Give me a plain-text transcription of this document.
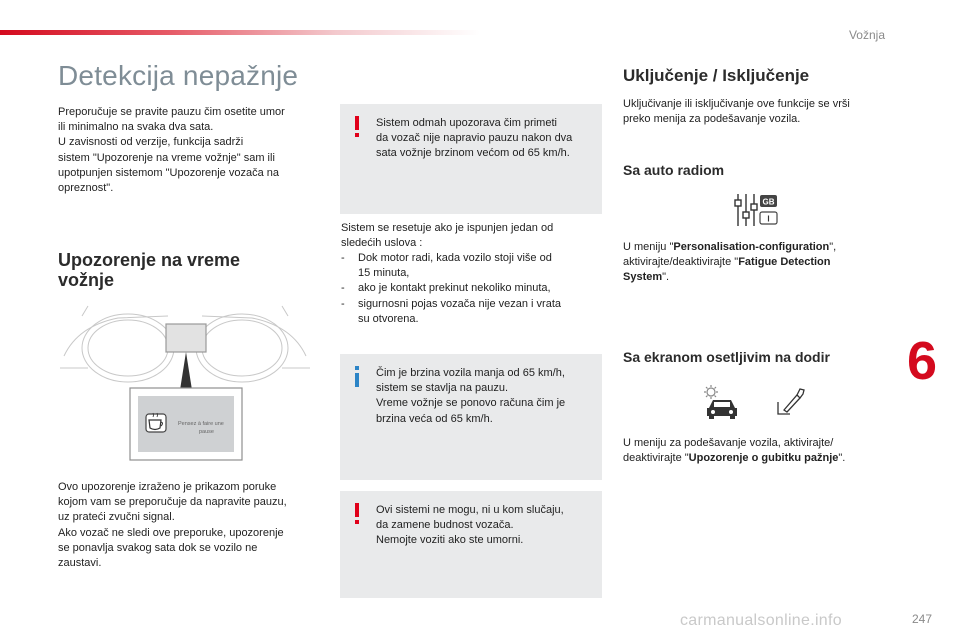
Vožnja
Detekcija nepažnje

Preporučuje se pravite pauzu čim osetite umor

ili minimalno na svaka dva sata.

U zavisnosti od verzije, funkcija sadrži

sistem "Upozorenje na vreme vožnje" sam ili

upotpunjen sistemom "Upozorenje vozača na

opreznost".

Upozorenje na vreme
vožnje
Pensez à faire une
pause

Ovo upozorenje izraženo je prikazom poruke

kojom vam se preporučuje da napravite pauzu,

uz prateći zvučni signal.

Ako vozač ne sledi ove preporuke, upozorenje

se ponavlja svakog sata dok se vozilo ne

zaustavi.

Sistem odmah upozorava čim primeti

da vozač nije napravio pauzu nakon dva

sata vožnje brzinom većom od 65 km/h.

Sistem se resetuje ako je ispunjen jedan od

sledećih uslova :

- Dok motor radi, kada vozilo stoji više od
15 minuta,
- ako je kontakt prekinut nekoliko minuta,
- sigurnosni pojas vozača nije vezan i vrata
su otvorena.

Čim je brzina vozila manja od 65 km/h,

sistem se stavlja na pauzu.

Vreme vožnje se ponovo računa čim je

brzina veća od 65 km/h.

Ovi sistemi ne mogu, ni u kom slučaju,

da zamene budnost vozača.

Nemojte voziti ako ste umorni.

Uključenje / Isključenje

Uključivanje ili isključivanje ove funkcije se vrši

preko menija za podešavanje vozila.

Sa auto radiom
GB
I

U meniju "Personalisation-configuration",

aktivirajte/deaktivirajte "Fatigue Detection

System".

Sa ekranom osetljivim na dodir

U meniju za podešavanje vozila, aktivirajte/

deaktivirajte "Upozorenje o gubitku pažnje".

6
carmanualsonline.info	247
